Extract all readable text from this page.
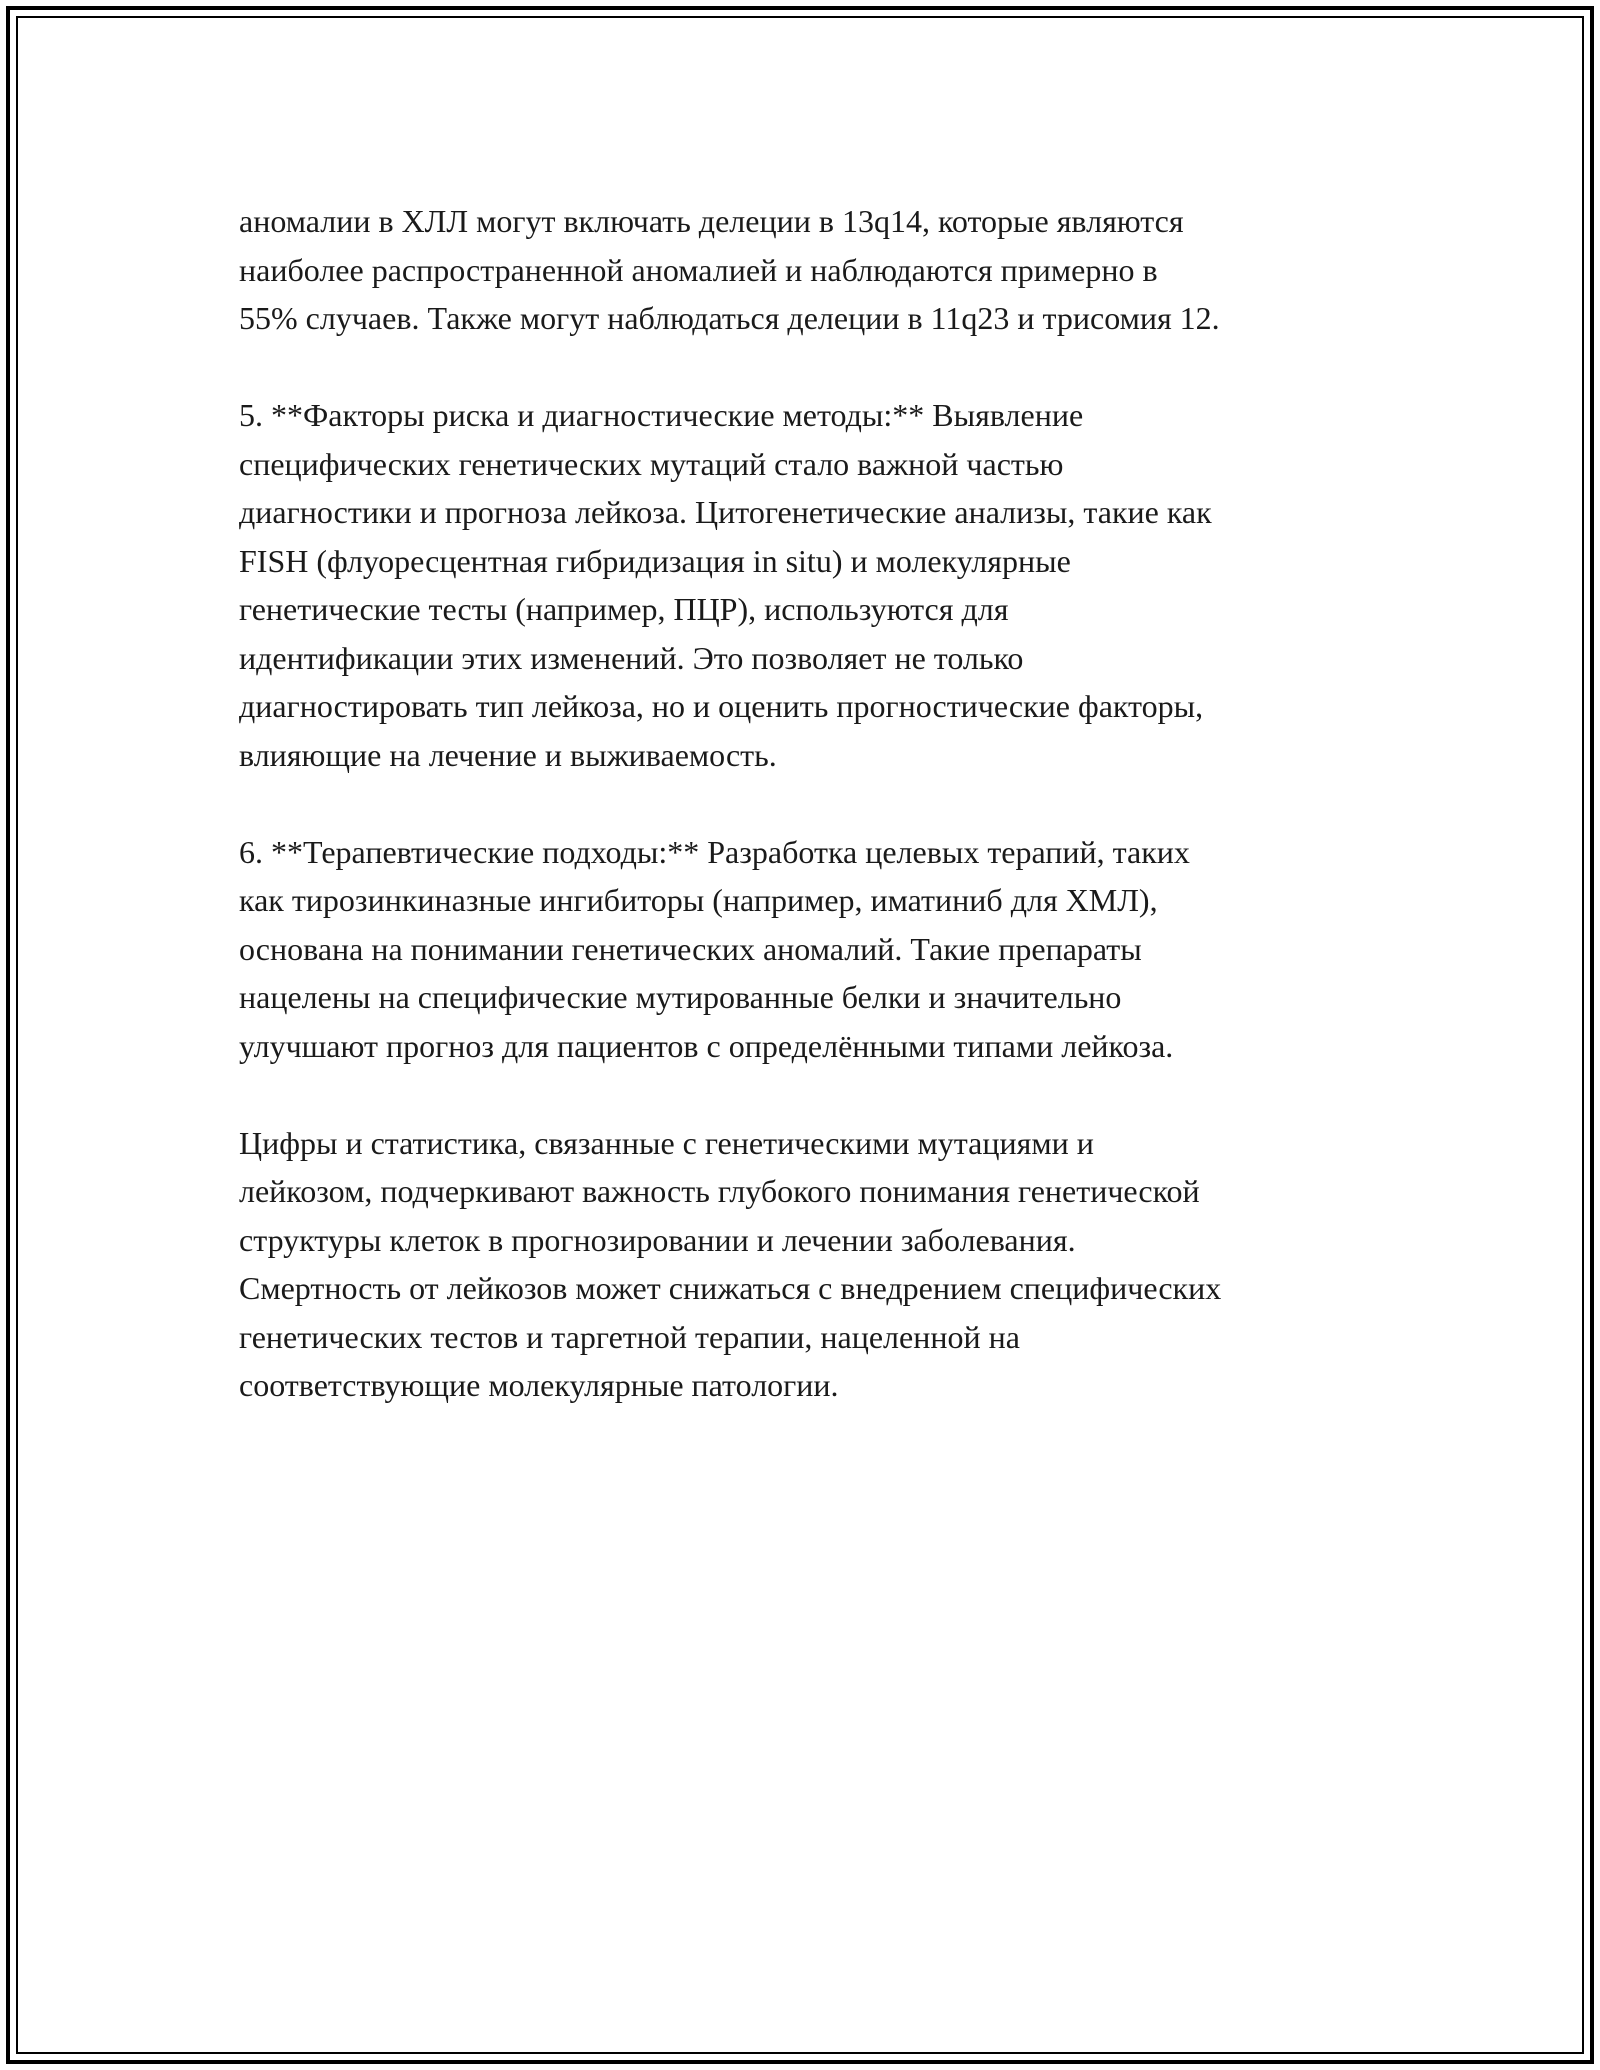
аномалии в ХЛЛ могут включать делеции в 13q14, которые являются
наиболее распространенной аномалией и наблюдаются примерно в
55% случаев. Также могут наблюдаться делеции в 11q23 и трисомия 12.

5. **Факторы риска и диагностические методы:** Выявление
специфических генетических мутаций стало важной частью
диагностики и прогноза лейкоза. Цитогенетические анализы, такие как
FISH (флуоресцентная гибридизация in situ) и молекулярные
генетические тесты (например, ПЦР), используются для
идентификации этих изменений. Это позволяет не только
диагностировать тип лейкоза, но и оценить прогностические факторы,
влияющие на лечение и выживаемость.

6. **Терапевтические подходы:** Разработка целевых терапий, таких
как тирозинкиназные ингибиторы (например, иматиниб для ХМЛ),
основана на понимании генетических аномалий. Такие препараты
нацелены на специфические мутированные белки и значительно
улучшают прогноз для пациентов с определёнными типами лейкоза.

Цифры и статистика, связанные с генетическими мутациями и
лейкозом, подчеркивают важность глубокого понимания генетической
структуры клеток в прогнозировании и лечении заболевания.
Смертность от лейкозов может снижаться с внедрением специфических
генетических тестов и таргетной терапии, нацеленной на
соответствующие молекулярные патологии.
